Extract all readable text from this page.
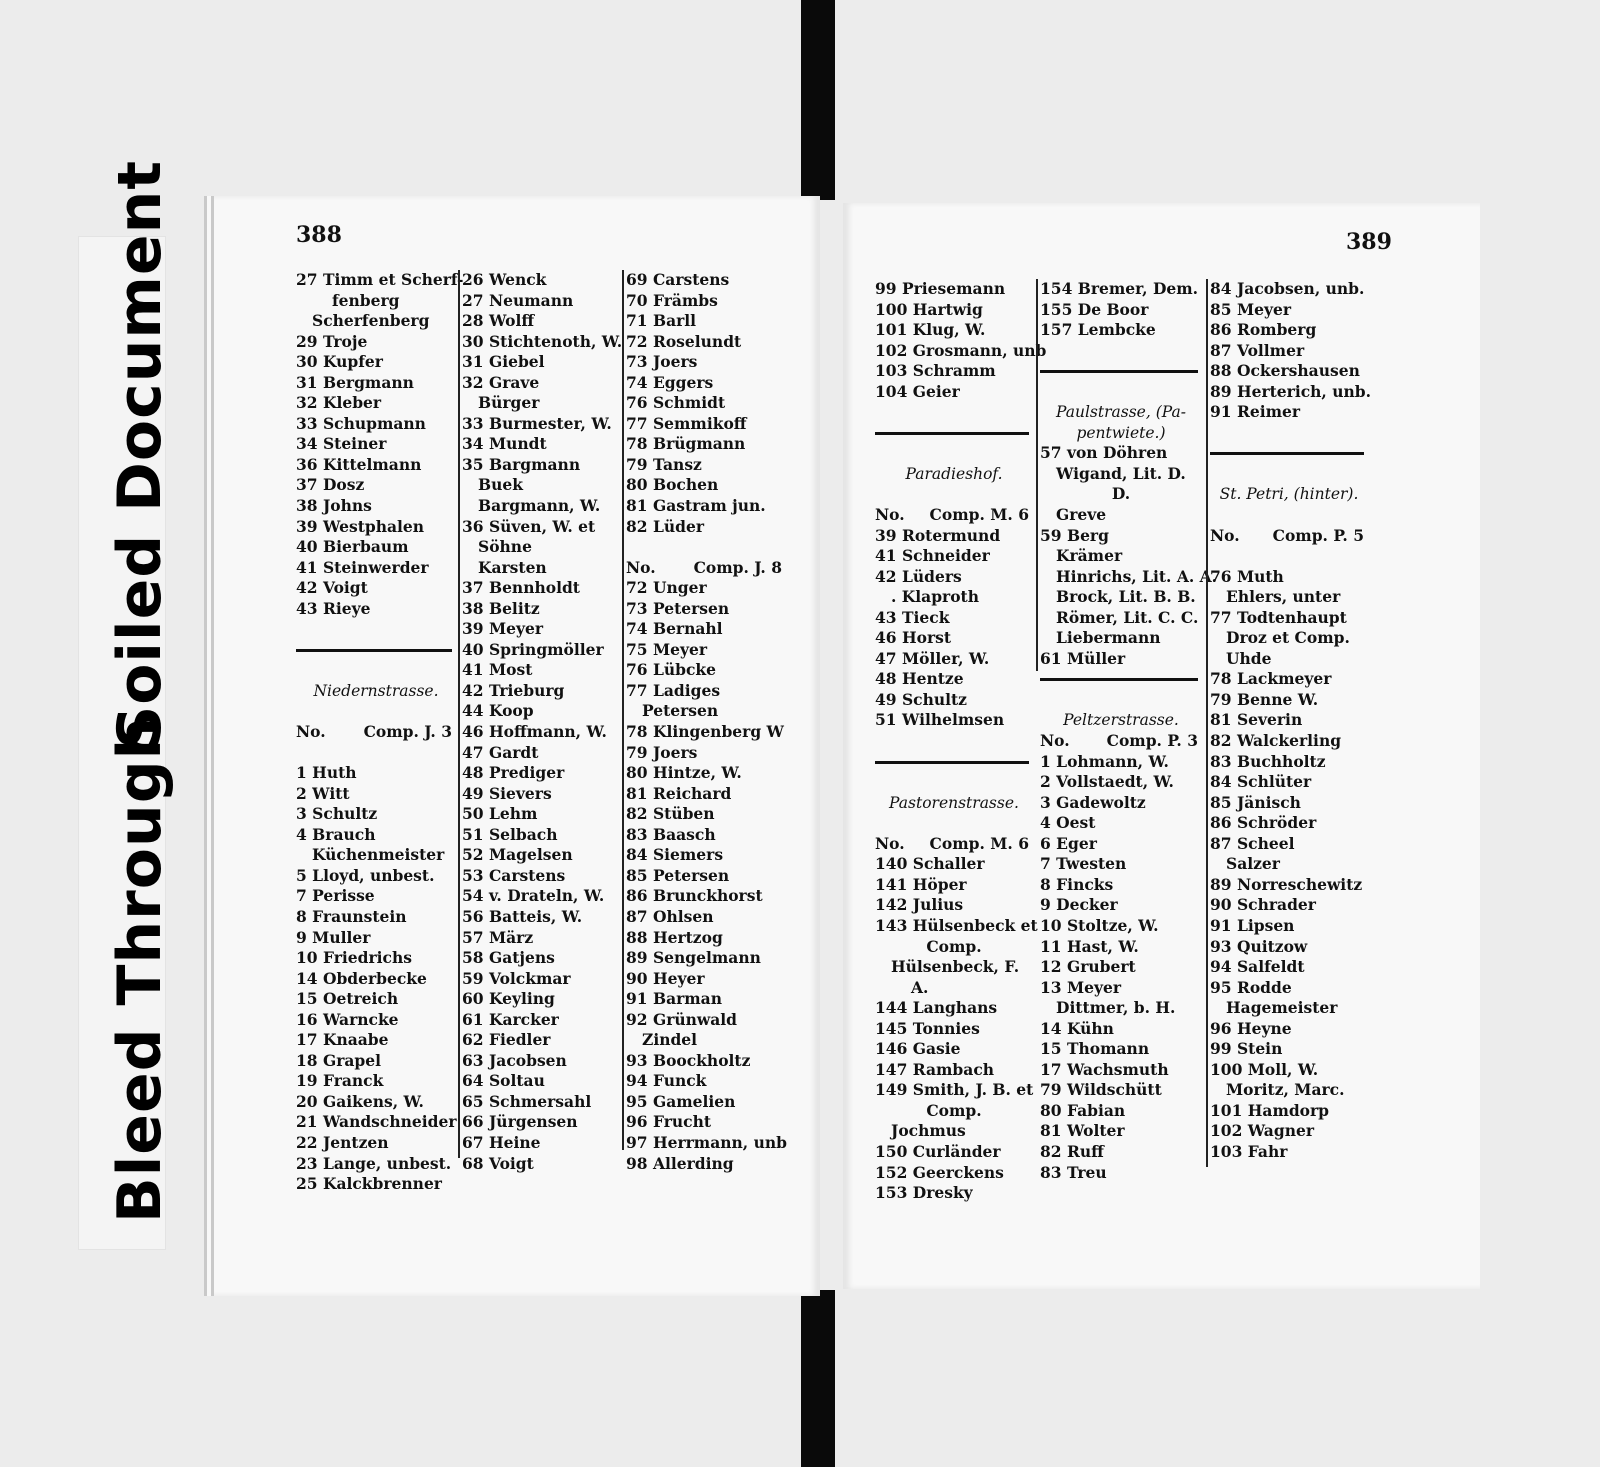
Soiled Document
Bleed Through
388
27 Timm et Scherf-
fenberg
Scherfenberg
29 Troje
30 Kupfer
31 Bergmann
32 Kleber
33 Schupmann
34 Steiner
36 Kittelmann
37 Dosz
38 Johns
39 Westphalen
40 Bierbaum
41 Steinwerder
42 Voigt
43 Rieye
Niedernstrasse.
No. Comp. J. 3
1 Huth
2 Witt
3 Schultz
4 Brauch
Küchenmeister
5 Lloyd, unbest.
7 Perisse
8 Fraunstein
9 Muller
10 Friedrichs
14 Obderbecke
15 Oetreich
16 Warncke
17 Knaabe
18 Grapel
19 Franck
20 Gaikens, W.
21 Wandschneider
22 Jentzen
23 Lange, unbest.
25 Kalckbrenner
26 Wenck
27 Neumann
28 Wolff
30 Stichtenoth, W.
31 Giebel
32 Grave
Bürger
33 Burmester, W.
34 Mundt
35 Bargmann
Buek
Bargmann, W.
36 Süven, W. et
Söhne
Karsten
37 Bennholdt
38 Belitz
39 Meyer
40 Springmöller
41 Most
42 Trieburg
44 Koop
46 Hoffmann, W.
47 Gardt
48 Prediger
49 Sievers
50 Lehm
51 Selbach
52 Magelsen
53 Carstens
54 v. Drateln, W.
56 Batteis, W.
57 März
58 Gatjens
59 Volckmar
60 Keyling
61 Karcker
62 Fiedler
63 Jacobsen
64 Soltau
65 Schmersahl
66 Jürgensen
67 Heine
68 Voigt
69 Carstens
70 Främbs
71 Barll
72 Roselundt
73 Joers
74 Eggers
76 Schmidt
77 Semmikoff
78 Brügmann
79 Tansz
80 Bochen
81 Gastram jun.
82 Lüder
No. Comp. J. 8
72 Unger
73 Petersen
74 Bernahl
75 Meyer
76 Lübcke
77 Ladiges
Petersen
78 Klingenberg W
79 Joers
80 Hintze, W.
81 Reichard
82 Stüben
83 Baasch
84 Siemers
85 Petersen
86 Brunckhorst
87 Ohlsen
88 Hertzog
89 Sengelmann
90 Heyer
91 Barman
92 Grünwald
Zindel
93 Boockholtz
94 Funck
95 Gamelien
96 Frucht
97 Herrmann, unb
98 Allerding
389
99 Priesemann
100 Hartwig
101 Klug, W.
102 Grosmann, unb
103 Schramm
104 Geier
Paradieshof.
No. Comp. M. 6
39 Rotermund
41 Schneider
42 Lüders
. Klaproth
43 Tieck
46 Horst
47 Möller, W.
48 Hentze
49 Schultz
51 Wilhelmsen
Pastorenstrasse.
No. Comp. M. 6
140 Schaller
141 Höper
142 Julius
143 Hülsenbeck et
Comp.
Hülsenbeck, F.
A.
144 Langhans
145 Tonnies
146 Gasie
147 Rambach
149 Smith, J. B. et
Comp.
Jochmus
150 Curländer
152 Geerckens
153 Dresky
154 Bremer, Dem.
155 De Boor
157 Lembcke
Paulstrasse, (Pa-
pentwiete.)
57 von Döhren
Wigand, Lit. D.
D.
Greve
59 Berg
Krämer
Hinrichs, Lit. A. A.
Brock, Lit. B. B.
Römer, Lit. C. C.
Liebermann
61 Müller
Peltzerstrasse.
No. Comp. P. 3
1 Lohmann, W.
2 Vollstaedt, W.
3 Gadewoltz
4 Oest
6 Eger
7 Twesten
8 Fincks
9 Decker
10 Stoltze, W.
11 Hast, W.
12 Grubert
13 Meyer
Dittmer, b. H.
14 Kühn
15 Thomann
17 Wachsmuth
79 Wildschütt
80 Fabian
81 Wolter
82 Ruff
83 Treu
84 Jacobsen, unb.
85 Meyer
86 Romberg
87 Vollmer
88 Ockershausen
89 Herterich, unb.
91 Reimer
St. Petri, (hinter).
No. Comp. P. 5
76 Muth
Ehlers, unter
77 Todtenhaupt
Droz et Comp.
Uhde
78 Lackmeyer
79 Benne W.
81 Severin
82 Walckerling
83 Buchholtz
84 Schlüter
85 Jänisch
86 Schröder
87 Scheel
Salzer
89 Norreschewitz
90 Schrader
91 Lipsen
93 Quitzow
94 Salfeldt
95 Rodde
Hagemeister
96 Heyne
99 Stein
100 Moll, W.
Moritz, Marc.
101 Hamdorp
102 Wagner
103 Fahr
